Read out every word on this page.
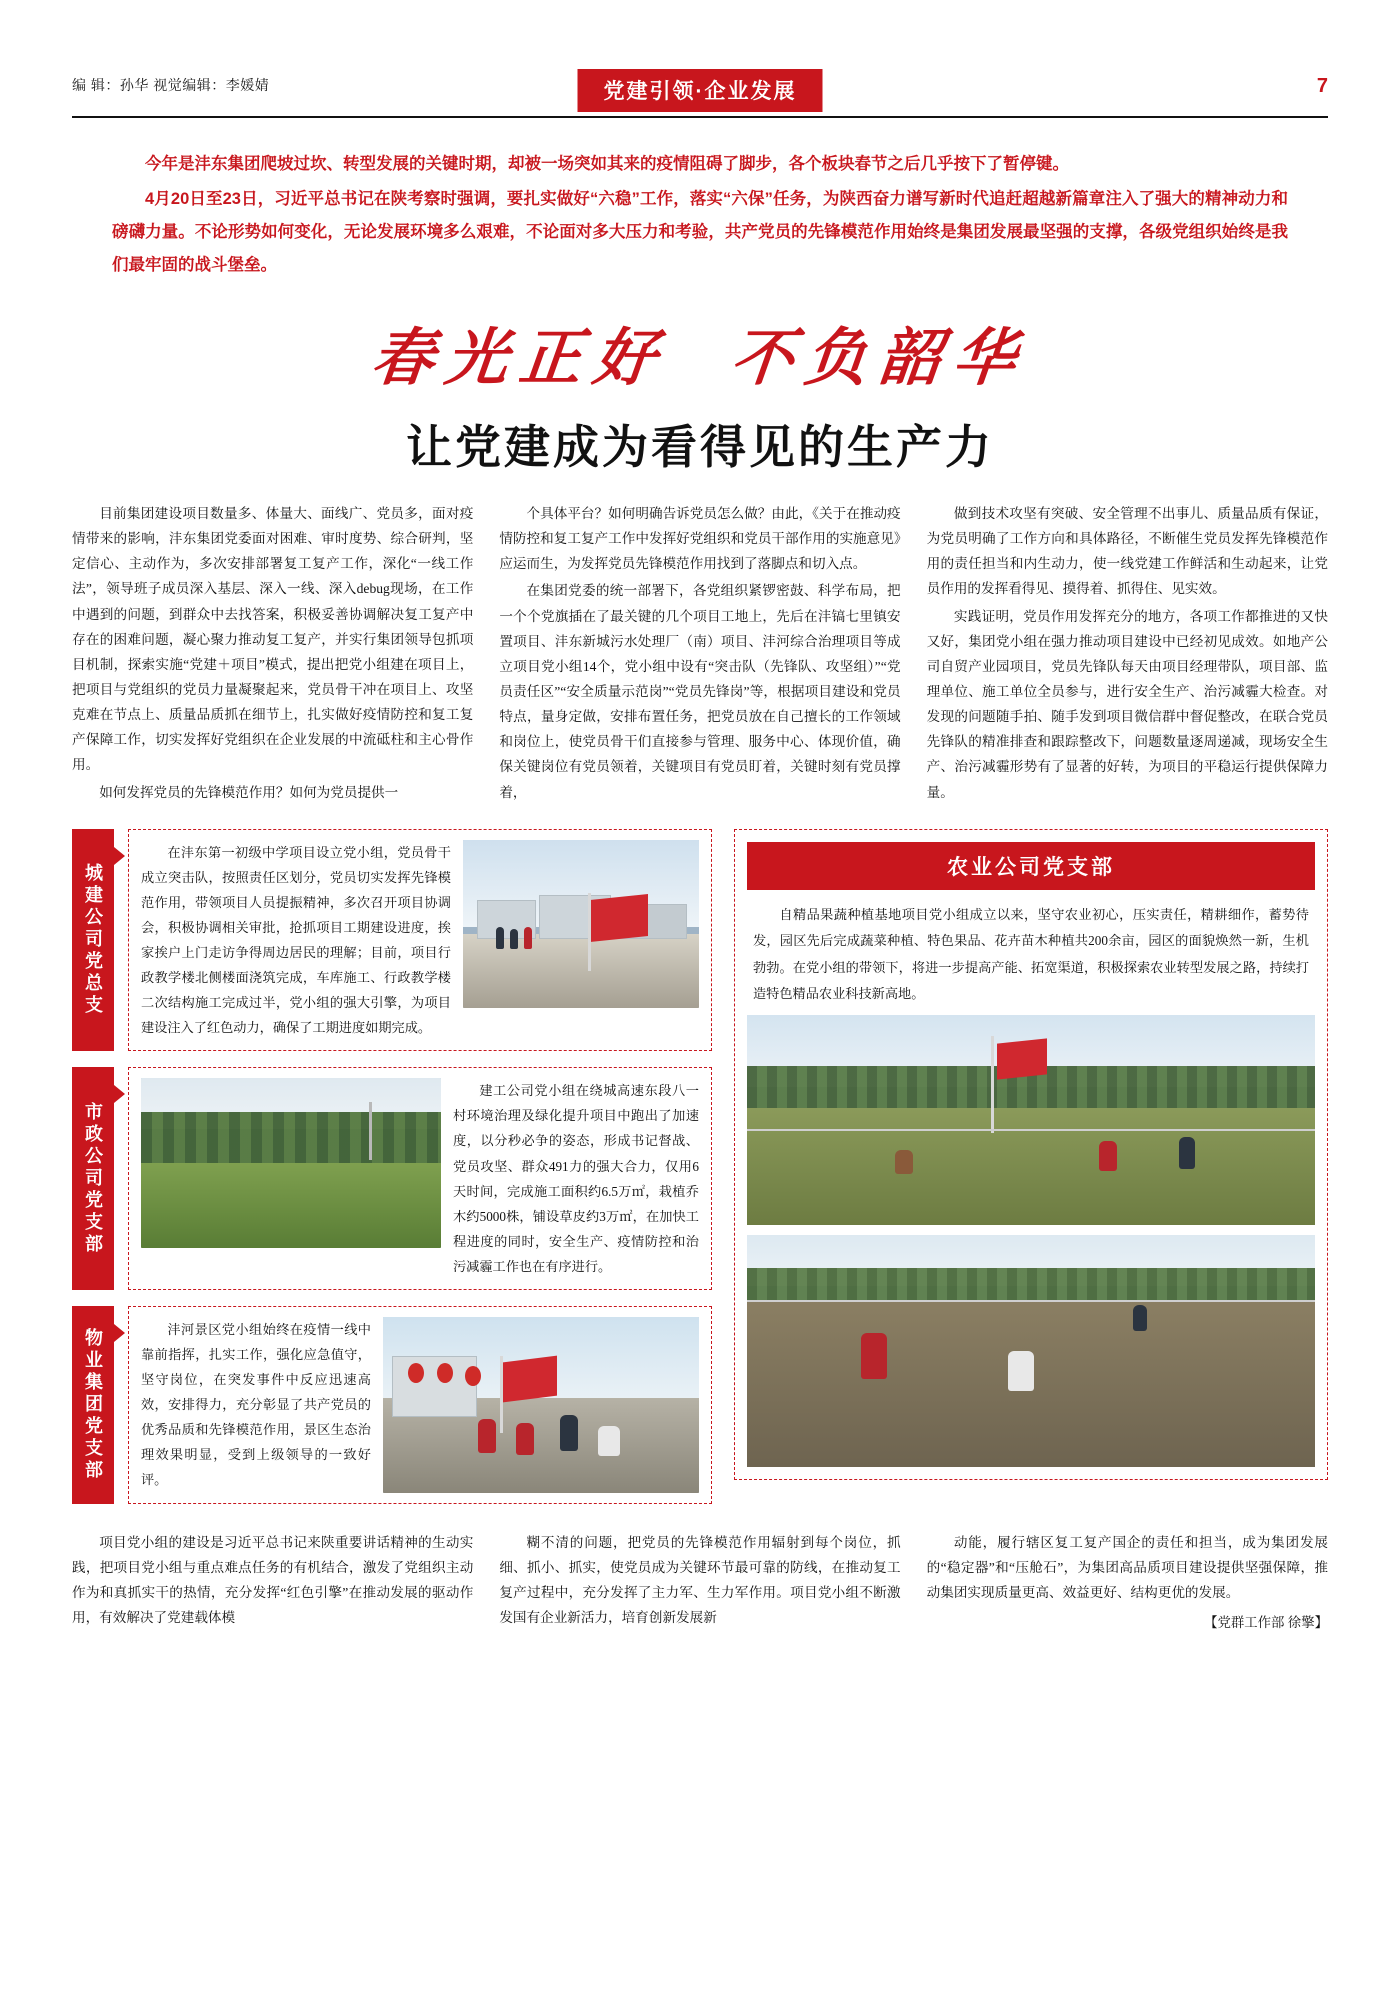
编 辑：孙华 视觉编辑：李媛婧	党建引领·企业发展	7

今年是沣东集团爬坡过坎、转型发展的关键时期，却被一场突如其来的疫情阻碍了脚步，各个板块春节之后几乎按下了暂停键。

4月20日至23日，习近平总书记在陕考察时强调，要扎实做好“六稳”工作，落实“六保”任务，为陕西奋力谱写新时代追赶超越新篇章注入了强大的精神动力和磅礴力量。不论形势如何变化，无论发展环境多么艰难，不论面对多大压力和考验，共产党员的先锋模范作用始终是集团发展最坚强的支撑，各级党组织始终是我们最牢固的战斗堡垒。

春光正好 不负韶华
让党建成为看得见的生产力

目前集团建设项目数量多、体量大、面线广、党员多，面对疫情带来的影响，沣东集团党委面对困难、审时度势、综合研判，坚定信心、主动作为，多次安排部署复工复产工作，深化“一线工作法”，领导班子成员深入基层、深入一线、深入debug现场，在工作中遇到的问题，到群众中去找答案，积极妥善协调解决复工复产中存在的困难问题，凝心聚力推动复工复产，并实行集团领导包抓项目机制，探索实施“党建＋项目”模式，提出把党小组建在项目上，把项目与党组织的党员力量凝聚起来，党员骨干冲在项目上、攻坚克难在节点上、质量品质抓在细节上，扎实做好疫情防控和复工复产保障工作，切实发挥好党组织在企业发展的中流砥柱和主心骨作用。

如何发挥党员的先锋模范作用？如何为党员提供一

个具体平台？如何明确告诉党员怎么做？由此，《关于在推动疫情防控和复工复产工作中发挥好党组织和党员干部作用的实施意见》应运而生，为发挥党员先锋模范作用找到了落脚点和切入点。

在集团党委的统一部署下，各党组织紧锣密鼓、科学布局，把一个个党旗插在了最关键的几个项目工地上，先后在沣镐七里镇安置项目、沣东新城污水处理厂（南）项目、沣河综合治理项目等成立项目党小组14个，党小组中设有“突击队（先锋队、攻坚组）”“党员责任区”“安全质量示范岗”“党员先锋岗”等，根据项目建设和党员特点，量身定做，安排布置任务，把党员放在自己擅长的工作领域和岗位上，使党员骨干们直接参与管理、服务中心、体现价值，确保关键岗位有党员领着，关键项目有党员盯着，关键时刻有党员撑着，

做到技术攻坚有突破、安全管理不出事儿、质量品质有保证，为党员明确了工作方向和具体路径，不断催生党员发挥先锋模范作用的责任担当和内生动力，使一线党建工作鲜活和生动起来，让党员作用的发挥看得见、摸得着、抓得住、见实效。

实践证明，党员作用发挥充分的地方，各项工作都推进的又快又好，集团党小组在强力推动项目建设中已经初见成效。如地产公司自贸产业园项目，党员先锋队每天由项目经理带队，项目部、监理单位、施工单位全员参与，进行安全生产、治污减霾大检查。对发现的问题随手拍、随手发到项目微信群中督促整改，在联合党员先锋队的精准排查和跟踪整改下，问题数量逐周递减，现场安全生产、治污减霾形势有了显著的好转，为项目的平稳运行提供保障力量。

城建公司党总支
在沣东第一初级中学项目设立党小组，党员骨干成立突击队，按照责任区划分，党员切实发挥先锋模范作用，带领项目人员提振精神，多次召开项目协调会，积极协调相关审批，抢抓项目工期建设进度，挨家挨户上门走访争得周边居民的理解；目前，项目行政教学楼北侧楼面浇筑完成，车库施工、行政教学楼二次结构施工完成过半，党小组的强大引擎，为项目建设注入了红色动力，确保了工期进度如期完成。
市政公司党支部
建工公司党小组在绕城高速东段八一村环境治理及绿化提升项目中跑出了加速度，以分秒必争的姿态，形成书记督战、党员攻坚、群众491力的强大合力，仅用6天时间，完成施工面积约6.5万㎡，栽植乔木约5000株，铺设草皮约3万㎡，在加快工程进度的同时，安全生产、疫情防控和治污减霾工作也在有序进行。
物业集团党支部	沣河景区党小组始终在疫情一线中靠前指挥，扎实工作，强化应急值守，坚守岗位，在突发事件中反应迅速高效，安排得力，充分彰显了共产党员的优秀品质和先锋模范作用，景区生态治理效果明显，受到上级领导的一致好评。
农业公司党支部
自精品果蔬种植基地项目党小组成立以来，坚守农业初心，压实责任，精耕细作，蓄势待发，园区先后完成蔬菜种植、特色果品、花卉苗木种植共200余亩，园区的面貌焕然一新，生机勃勃。在党小组的带领下，将进一步提高产能、拓宽渠道，积极探索农业转型发展之路，持续打造特色精品农业科技新高地。

项目党小组的建设是习近平总书记来陕重要讲话精神的生动实践，把项目党小组与重点难点任务的有机结合，激发了党组织主动作为和真抓实干的热情，充分发挥“红色引擎”在推动发展的驱动作用，有效解决了党建载体模

糊不清的问题，把党员的先锋模范作用辐射到每个岗位，抓细、抓小、抓实，使党员成为关键环节最可靠的防线，在推动复工复产过程中，充分发挥了主力军、生力军作用。项目党小组不断激发国有企业新活力，培育创新发展新

动能，履行辖区复工复产国企的责任和担当，成为集团发展的“稳定器”和“压舱石”，为集团高品质项目建设提供坚强保障，推动集团实现质量更高、效益更好、结构更优的发展。

【党群工作部 徐擎】
